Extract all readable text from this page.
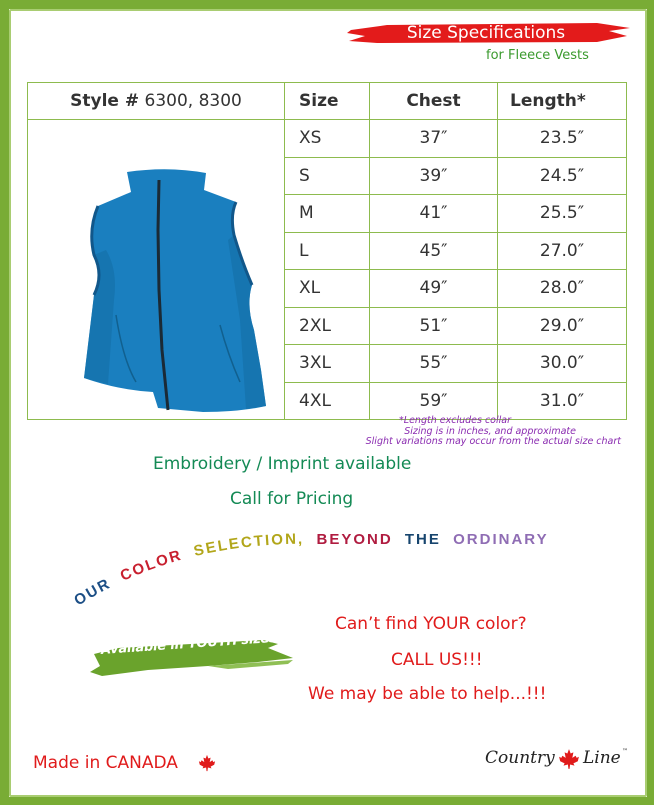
Size Specifications
for Fleece Vests
Style # 6300, 8300	Size	Chest	Length*
	XS	37″	23.5″
	S	39″	24.5″
	M	41″	25.5″
	L	45″	27.0″
	XL	49″	28.0″
	2XL	51″	29.0″
	3XL	55″	30.0″
	4XL	59″	31.0″
*Length excludes collar
Sizing is in inches, and approximate
Slight variations may occur from the actual size chart
Embroidery / Imprint available
Call for Pricing
OUR COLOR SELECTION, BEYOND THE ORDINARY
Available in YOUTH sizes
Can’t find YOUR color?
CALL US!!!
We may be able to help...!!!
Made in CANADA	Country Line ™
